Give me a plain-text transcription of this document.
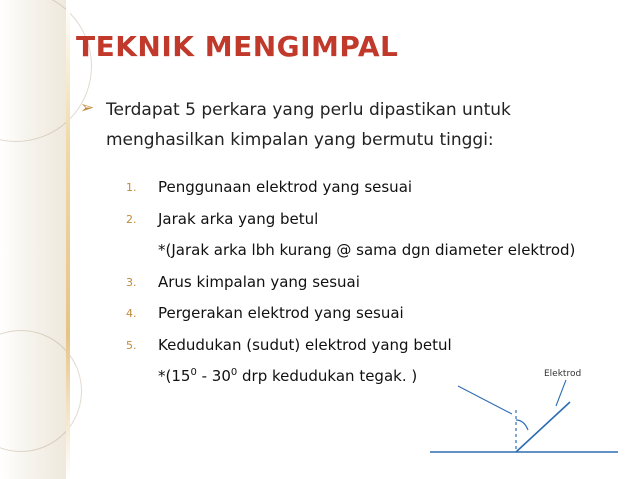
TEKNIK MENGIMPAL
➢ Terdapat 5 perkara yang perlu dipastikan untuk menghasilkan kimpalan yang bermutu tinggi:
1. Penggunaan elektrod yang sesuai
2. Jarak arka yang betul
*(Jarak arka lbh kurang @ sama dgn diameter elektrod)
3. Arus kimpalan yang sesuai
4. Pergerakan elektrod yang sesuai
5. Kedudukan (sudut) elektrod yang betul
$*(15^0 - 30^0$ drp kedudukan tegak. )	Elektrod
